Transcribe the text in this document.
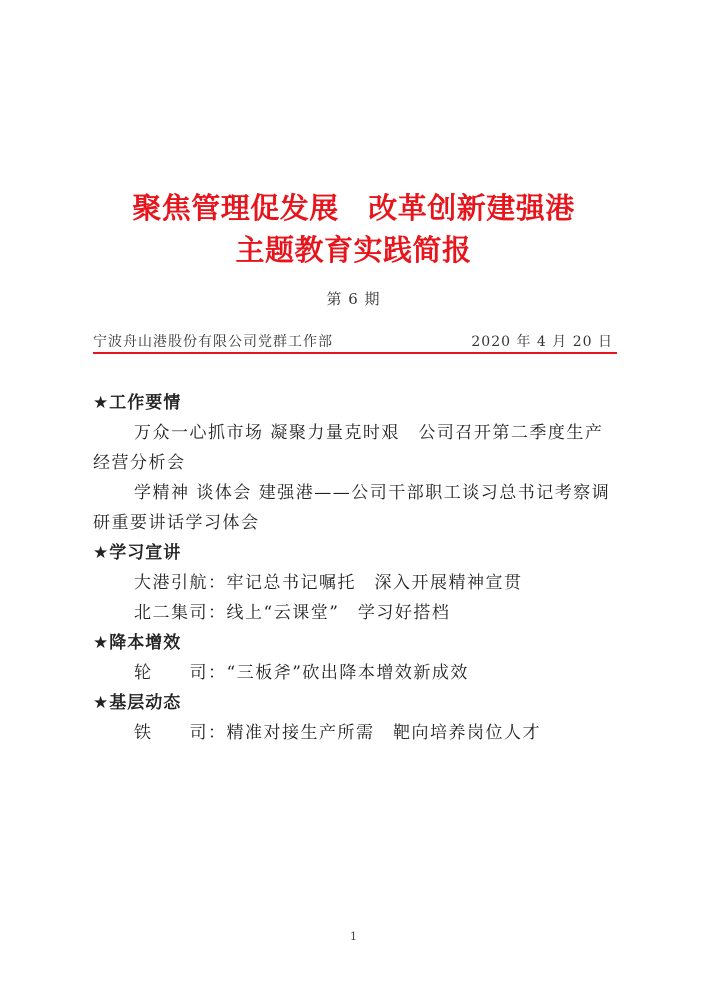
聚焦管理促发展　改革创新建强港
主题教育实践简报
第 6 期
宁波舟山港股份有限公司党群工作部	2020 年 4 月 20 日
★工作要情
万众一心抓市场 凝聚力量克时艰　公司召开第二季度生产经营分析会
学精神 谈体会 建强港——公司干部职工谈习总书记考察调研重要讲话学习体会
★学习宣讲
大港引航：牢记总书记嘱托　深入开展精神宣贯
北二集司：线上“云课堂”　学习好搭档
★降本增效
轮　　司：“三板斧”砍出降本增效新成效
★基层动态
铁　　司：精准对接生产所需　靶向培养岗位人才
1
